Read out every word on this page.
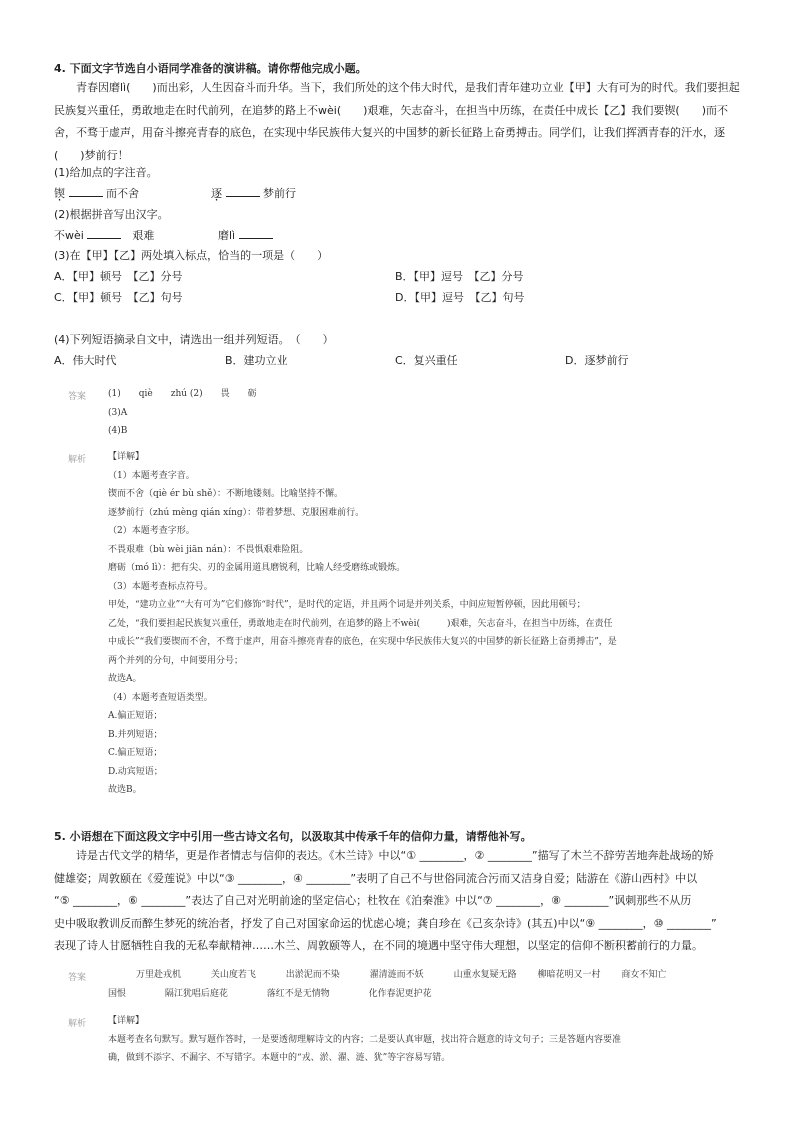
4. 下面文字节选自小语同学准备的演讲稿。请你帮他完成小题。
青春因磨lì(　　)而出彩，人生因奋斗而升华。当下，我们所处的这个伟大时代，是我们青年建功立业【甲】大有可为的时代。我们要担起民族复兴重任，勇敢地走在时代前列，在追梦的路上不wèi(　　)艰难，矢志奋斗，在担当中历练，在责任中成长【乙】我们要锲(　　)而不舍，不骛于虚声，用奋斗擦亮青春的底色，在实现中华民族伟大复兴的中国梦的新长征路上奋勇搏击。同学们，让我们挥洒青春的汗水，逐(　　)梦前行！
(1)给加点的字注音。
锲	而不舍	逐	梦前行
(2)根据拼音写出汉字。
不wèi 　	艰难	磨lì
(3)在【甲】【乙】两处填入标点，恰当的一项是（　　）
A．【甲】顿号　【乙】分号	B．【甲】逗号　【乙】分号
C．【甲】顿号　【乙】句号	D．【甲】逗号　【乙】句号
(4)下列短语摘录自文中，请选出一组并列短语。　（　　）
A．伟大时代	B．建功立业	C．复兴重任	D．逐梦前行
答案 (1)　　qiè　　zhú (2)　　畏　　砺
(3)A
(4)B
解析 【详解】
（1）本题考查字音。
锲而不舍（qiè ér bù shě）：不断地镂刻。比喻坚持不懈。
逐梦前行（zhú mèng qián xíng）：带着梦想、克服困难前行。
（2）本题考查字形。
不畏艰难（bù wèi jiān nán）：不畏惧艰难险阻。
磨砺（mó lì）：把有尖、刃的金属用道具磨锐利，比喻人经受磨练或锻炼。
（3）本题考查标点符号。
甲处，“建功立业”“大有可为”它们修饰“时代”，是时代的定语，并且两个词是并列关系，中间应短暂停顿，因此用顿号；
乙处，“我们要担起民族复兴重任，勇敢地走在时代前列，在追梦的路上不wèi(　　　)艰难，矢志奋斗，在担当中历练，在责任
中成长”“我们要锲而不舍，不骛于虚声，用奋斗擦亮青春的底色，在实现中华民族伟大复兴的中国梦的新长征路上奋勇搏击”，是
两个并列的分句，中间要用分号；
故选A。
（4）本题考查短语类型。
A.偏正短语；
B.并列短语；
C.偏正短语；
D.动宾短语；
故选B。
5. 小语想在下面这段文字中引用一些古诗文名句，以汲取其中传承千年的信仰力量，请帮他补写。
诗是古代文学的精华，更是作者情志与信仰的表达。《木兰诗》中以“① ________，② ________”描写了木兰不辞劳苦地奔赴战场的矫
健雄姿；周敦颐在《爱莲说》中以“③ ________，④ ________”表明了自己不与世俗同流合污而又洁身自爱；陆游在《游山西村》中以
“⑤ ________，⑥ ________”表达了自己对光明前途的坚定信心；杜牧在《泊秦淮》中以“⑦ ________，⑧ ________”讽刺那些不从历
史中吸取教训反而醉生梦死的统治者，抒发了自己对国家命运的忧虑心境；龚自珍在《己亥杂诗》(其五)中以“⑨ ________，⑩ ________”
表现了诗人甘愿牺牲自我的无私奉献精神……木兰、周敦颐等人，在不同的境遇中坚守伟大理想，以坚定的信仰不断积蓄前行的力量。
答案	万里赴戎机　　　	关山度若飞　　　	出淤泥而不染　　　	濯清涟而不妖　　　	山重水复疑无路　　 柳暗花明又一村　　 商女不知亡
国恨　　　　	隔江犹唱后庭花　　　　	落红不是无情物　　　　	化作春泥更护花
解析 【详解】
本题考查名句默写。默写题作答时，一是要透彻理解诗文的内容；二是要认真审题，找出符合题意的诗文句子；三是答题内容要准
确，做到不添字、不漏字、不写错字。本题中的“戎、淤、濯、涟、犹”等字容易写错。
